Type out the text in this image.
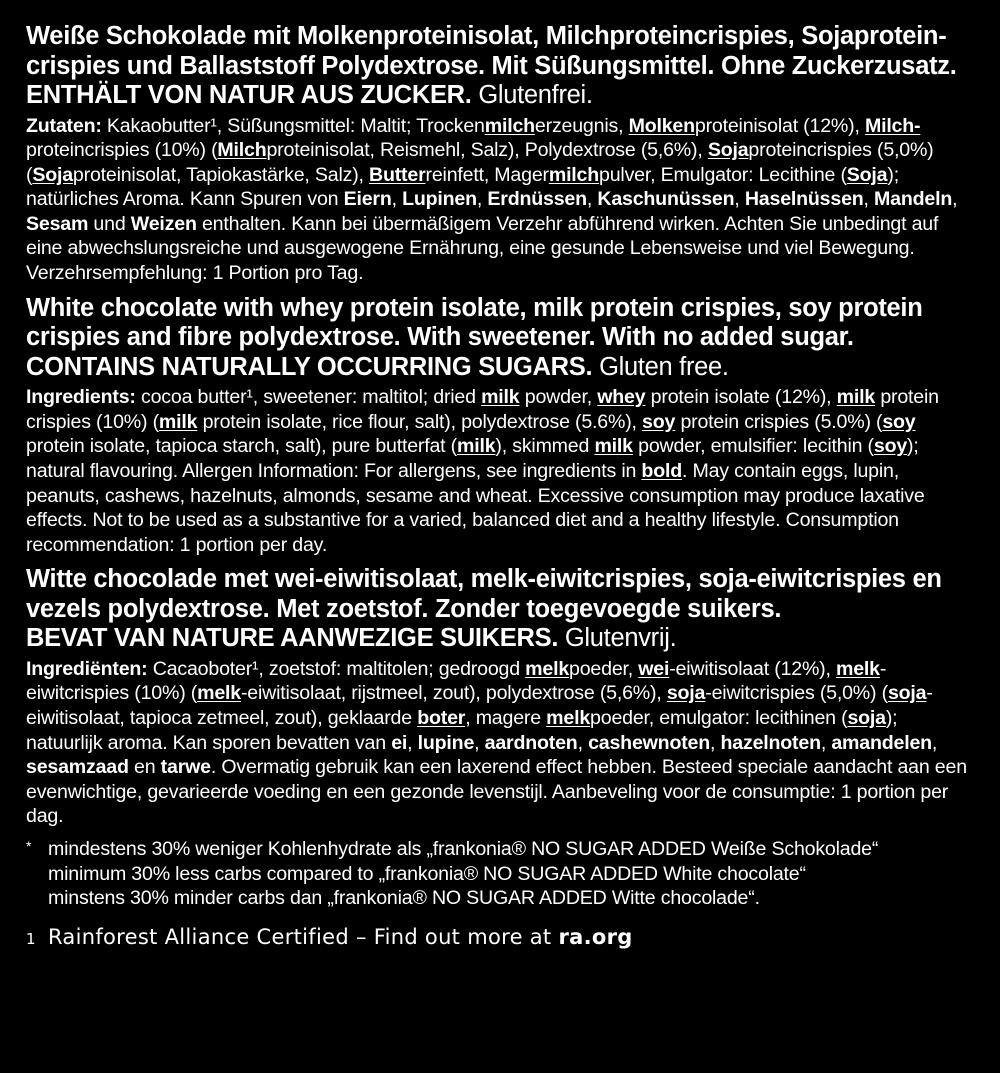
Weiße Schokolade mit Molkenproteinisolat, Milchproteincrispies, Sojaprotein-
crispies und Ballaststoff Polydextrose. Mit Süßungsmittel. Ohne Zuckerzusatz.
ENTHÄLT VON NATUR AUS ZUCKER. Glutenfrei.

Zutaten: Kakaobutter¹, Süßungsmittel: Maltit; Trockenmilcherzeugnis, Molkenproteinisolat (12%), Milch- proteincrispies (10%) (Milchproteinisolat, Reismehl, Salz), Polydextrose (5,6%), Sojaproteincrispies (5,0%) (Sojaproteinisolat, Tapiokastärke, Salz), Butterreinfett, Magermilchpulver, Emulgator: Lecithine (Soja); natürliches Aroma. Kann Spuren von Eiern, Lupinen, Erdnüssen, Kaschunüssen, Haselnüssen, Mandeln, Sesam und Weizen enthalten. Kann bei übermäßigem Verzehr abführend wirken. Achten Sie unbedingt auf eine abwechslungsreiche und ausgewogene Ernährung, eine gesunde Lebensweise und viel Bewegung. Verzehrsempfehlung: 1 Portion pro Tag.

White chocolate with whey protein isolate, milk protein crispies, soy protein
crispies and fibre polydextrose. With sweetener. With no added sugar.
CONTAINS NATURALLY OCCURRING SUGARS. Gluten free.

Ingredients: cocoa butter¹, sweetener: maltitol; dried milk powder, whey protein isolate (12%), milk protein crispies (10%) (milk protein isolate, rice flour, salt), polydextrose (5.6%), soy protein crispies (5.0%) (soy protein isolate, tapioca starch, salt), pure butterfat (milk), skimmed milk powder, emulsifier: lecithin (soy); natural flavouring. Allergen Information: For allergens, see ingredients in bold. May contain eggs, lupin, peanuts, cashews, hazelnuts, almonds, sesame and wheat. Excessive consumption may produce laxative effects. Not to be used as a substantive for a varied, balanced diet and a healthy lifestyle. Consumption recommendation: 1 portion per day.

Witte chocolade met wei-eiwitisolaat, melk-eiwitcrispies, soja-eiwitcrispies en
vezels polydextrose. Met zoetstof. Zonder toegevoegde suikers.
BEVAT VAN NATURE AANWEZIGE SUIKERS. Glutenvrij.

Ingrediënten: Cacaoboter¹, zoetstof: maltitolen; gedroogd melkpoeder, wei-eiwitisolaat (12%), melk- eiwitcrispies (10%) (melk-eiwitisolaat, rijstmeel, zout), polydextrose (5,6%), soja-eiwitcrispies (5,0%) (soja-eiwitisolaat, tapioca zetmeel, zout), geklaarde boter, magere melkpoeder, emulgator: lecithinen (soja); natuurlijk aroma. Kan sporen bevatten van ei, lupine, aardnoten, cashewnoten, hazelnoten, amandelen, sesamzaad en tarwe. Overmatig gebruik kan een laxerend effect hebben. Besteed speciale aandacht aan een evenwichtige, gevarieerde voeding en een gezonde levenstijl. Aanbeveling voor de consumptie: 1 portion per dag.

* mindestens 30% weniger Kohlenhydrate als „frankonia® NO SUGAR ADDED Weiße Schokolade“
minimum 30% less carbs compared to „frankonia® NO SUGAR ADDED White chocolate“
minstens 30% minder carbs dan „frankonia® NO SUGAR ADDED Witte chocolade“.
1 Rainforest Alliance Certified – Find out more at ra.org
